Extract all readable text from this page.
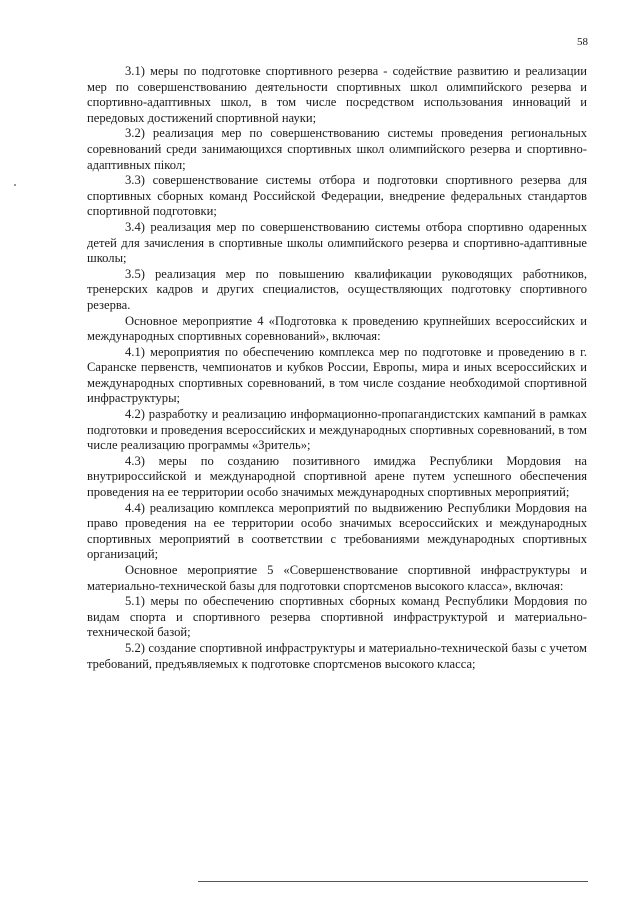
58

3.1) меры по подготовке спортивного резерва - содействие развитию и реализации мер по совершенствованию деятельности спортивных школ олимпийского резерва и спортивно-адаптивных школ, в том числе посредством использования инноваций и передовых достижений спортивной науки;

3.2) реализация мер по совершенствованию системы проведения региональных соревнований среди занимающихся спортивных школ олимпийского резерва и спортивно-адаптивных пікол;

3.3) совершенствование системы отбора и подготовки спортивного резерва для спортивных сборных команд Российской Федерации, внедрение федеральных стандартов спортивной подготовки;

3.4) реализация мер по совершенствованию системы отбора спортивно одаренных детей для зачисления в спортивные школы олимпийского резерва и спортивно-адаптивные школы;

3.5) реализация мер по повышению квалификации руководящих работников, тренерских кадров и других специалистов, осуществляющих подготовку спортивного резерва.

Основное мероприятие 4 «Подготовка к проведению крупнейших всероссийских и международных спортивных соревнований», включая:

4.1) мероприятия по обеспечению комплекса мер по подготовке и проведению в г. Саранске первенств, чемпионатов и кубков России, Европы, мира и иных всероссийских и международных спортивных соревнований, в том числе создание необходимой спортивной инфраструктуры;

4.2) разработку и реализацию информационно-пропагандистских кампаний в рамках подготовки и проведения всероссийских и международных спортивных соревнований, в том числе реализацию программы «Зритель»;

4.3) меры по созданию позитивного имиджа Республики Мордовия на внутрироссийской и международной спортивной арене путем успешного обеспечения проведения на ее территории особо значимых международных спортивных мероприятий;

4.4) реализацию комплекса мероприятий по выдвижению Республики Мордовия на право проведения на ее территории особо значимых всероссийских и международных спортивных мероприятий в соответствии с требованиями международных спортивных организаций;

Основное мероприятие 5 «Совершенствование спортивной инфраструктуры и материально-технической базы для подготовки спортсменов высокого класса», включая:

5.1) меры по обеспечению спортивных сборных команд Республики Мордовия по видам спорта и спортивного резерва спортивной инфраструктурой и материально-технической базой;

5.2) создание спортивной инфраструктуры и материально-технической базы с учетом требований, предъявляемых к подготовке спортсменов высокого класса;
